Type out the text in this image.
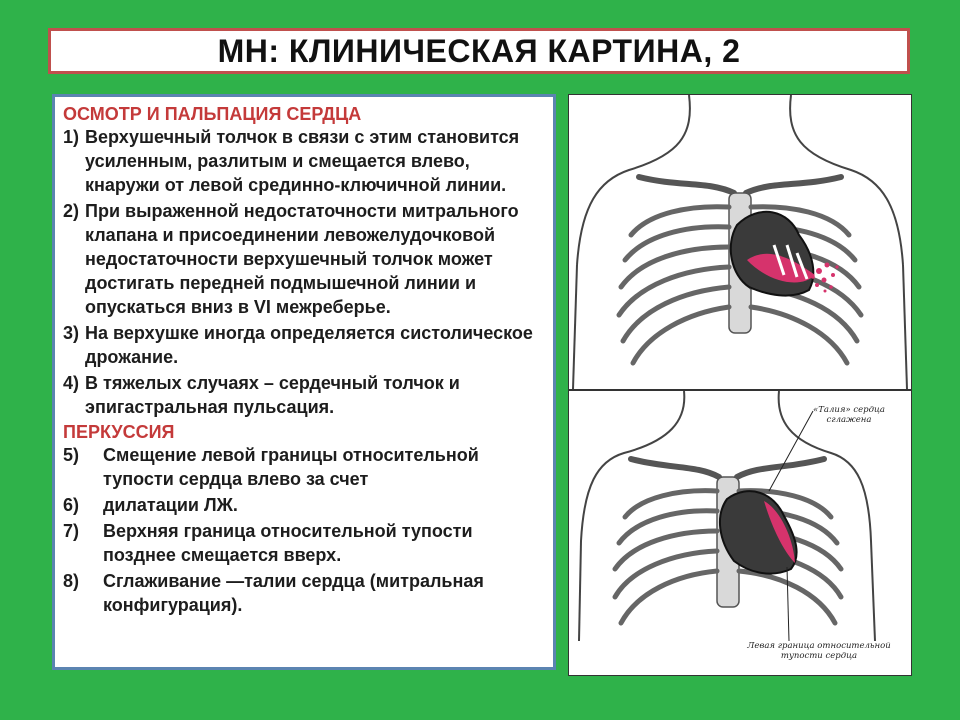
МН: КЛИНИЧЕСКАЯ КАРТИНА, 2
ОСМОТР И ПАЛЬПАЦИЯ СЕРДЦА
1) Верхушечный толчок в связи с этим становится усиленным, разлитым и смещается влево, кнаружи от левой срединно-ключичной линии.
2) При выраженной недостаточности митрального клапана и присоединении левожелудочковой недостаточности верхушечный толчок может достигать передней подмышечной линии и опускаться вниз в VI межреберье.
3) На верхушке иногда определяется систолическое дрожание.
4) В тяжелых случаях – сердечный толчок и эпигастральная пульсация.
ПЕРКУССИЯ
5)	Смещение левой границы относительной тупости сердца влево за счет
6)	дилатации ЛЖ.
7)	Верхняя граница относительной тупости позднее смещается вверх.
8)	Сглаживание —талии сердца (митральная конфигурация).
«Талия» сердца сглажена
Левая граница относительной тупости сердца
